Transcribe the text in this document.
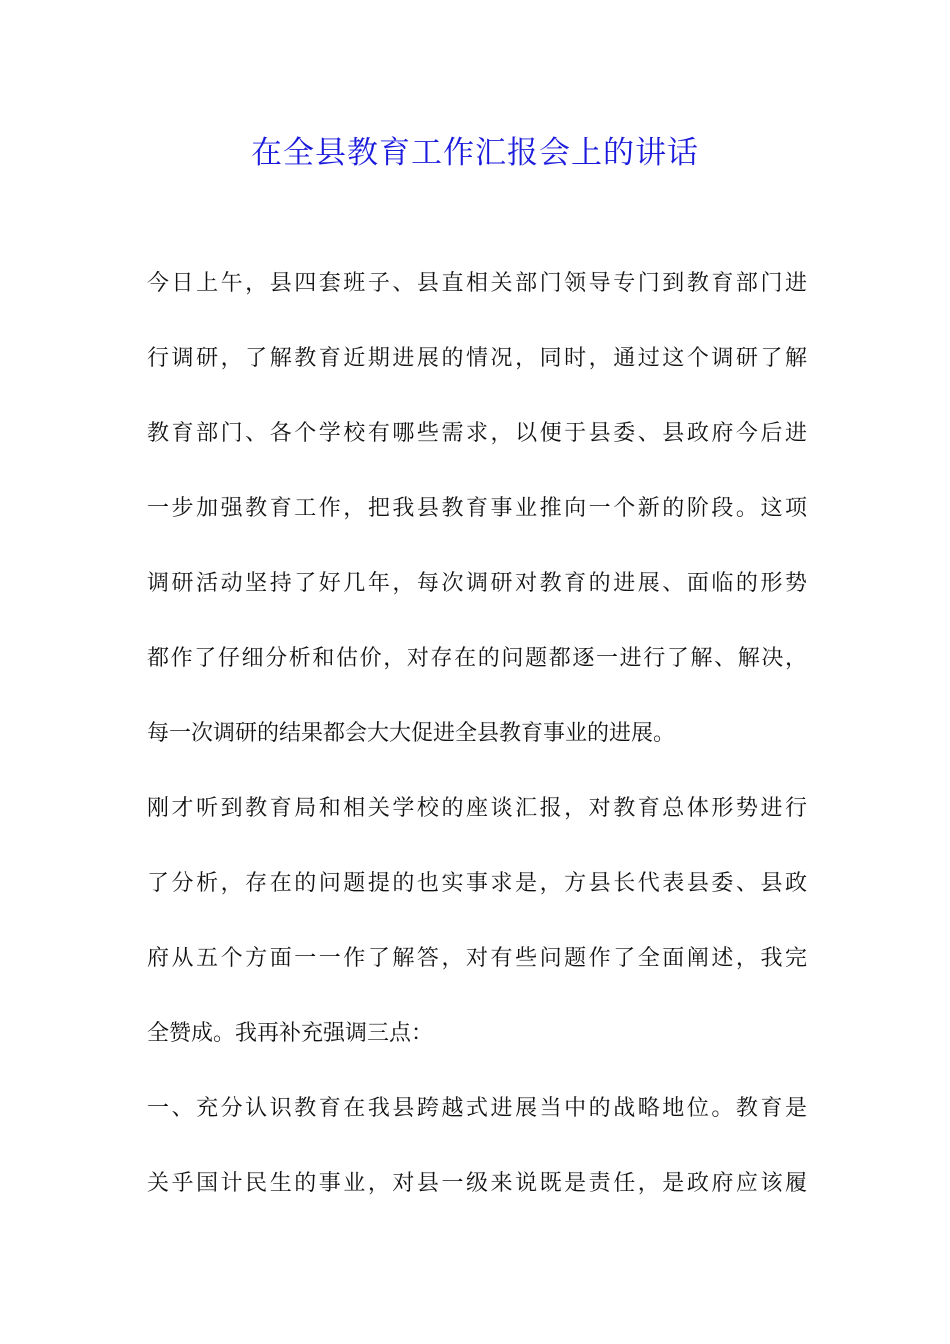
在全县教育工作汇报会上的讲话
今日上午，县四套班子、县直相关部门领导专门到教育部门进
行调研，了解教育近期进展的情况，同时，通过这个调研了解
教育部门、各个学校有哪些需求，以便于县委、县政府今后进
一步加强教育工作，把我县教育事业推向一个新的阶段。这项
调研活动坚持了好几年，每次调研对教育的进展、面临的形势
都作了仔细分析和估价，对存在的问题都逐一进行了解、解决，
每一次调研的结果都会大大促进全县教育事业的进展。
刚才听到教育局和相关学校的座谈汇报，对教育总体形势进行
了分析，存在的问题提的也实事求是，方县长代表县委、县政
府从五个方面一一作了解答，对有些问题作了全面阐述，我完
全赞成。我再补充强调三点：
一、充分认识教育在我县跨越式进展当中的战略地位。教育是
关乎国计民生的事业，对县一级来说既是责任，是政府应该履
